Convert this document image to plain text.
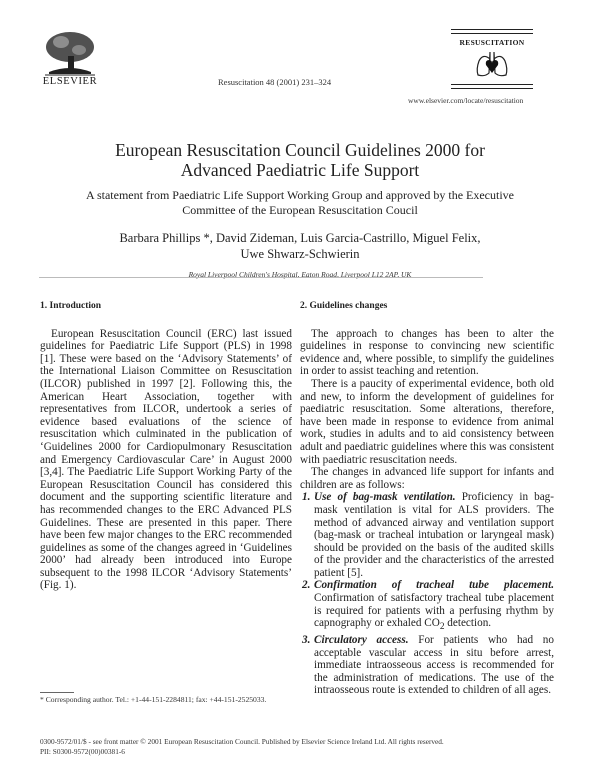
ELSEVIER	Resuscitation 48 (2001) 231–324
RESUSCITATION
www.elsevier.com/locate/resuscitation
European Resuscitation Council Guidelines 2000 for
Advanced Paediatric Life Support
A statement from Paediatric Life Support Working Group and approved by the Executive
Committee of the European Resuscitation Coucil
Barbara Phillips *, David Zideman, Luis Garcia-Castrillo, Miguel Felix,
Uwe Shwarz-Schwierin
Royal Liverpool Children's Hospital, Eaton Road, Liverpool L12 2AP, UK
1. Introduction

European Resuscitation Council (ERC) last issued guidelines for Paediatric Life Support (PLS) in 1998 [1]. These were based on the ‘Advisory Statements’ of the International Liaison Committee on Resuscitation (ILCOR) published in 1997 [2]. Following this, the American Heart Association, together with representatives from ILCOR, undertook a series of evidence based evaluations of the science of resuscitation which culminated in the publication of ‘Guidelines 2000 for Cardiopulmonary Resuscitation and Emergency Cardiovascular Care’ in August 2000 [3,4]. The Paediatric Life Support Working Party of the European Resuscitation Council has considered this document and the supporting scientific literature and has recommended changes to the ERC Advanced PLS Guidelines. These are presented in this paper. There have been few major changes to the ERC recommended guidelines as some of the changes agreed in ‘Guidelines 2000’ had already been introduced into Europe subsequent to the 1998 ILCOR ‘Advisory Statements’ (Fig. 1).

2. Guidelines changes

The approach to changes has been to alter the guidelines in response to convincing new scientific evidence and, where possible, to simplify the guidelines in order to assist teaching and retention.

There is a paucity of experimental evidence, both old and new, to inform the development of guidelines for paediatric resuscitation. Some alterations, therefore, have been made in response to evidence from animal work, studies in adults and to aid consistency between adult and paediatric guidelines where this was consistent with paediatric resuscitation needs.

The changes in advanced life support for infants and children are as follows:

1. Use of bag-mask ventilation. Proficiency in bag-mask ventilation is vital for ALS providers. The method of advanced airway and ventilation support (bag-mask or tracheal intubation or laryngeal mask) should be provided on the basis of the audited skills of the provider and the characteristics of the arrested patient [5].
2. Confirmation of tracheal tube placement. Confirmation of satisfactory tracheal tube placement is required for patients with a perfusing rhythm by capnography or exhaled $CO_2$ detection.
3. Circulatory access. For patients who had no acceptable vascular access in situ before arrest, immediate intraosseous access is recommended for the administration of medications. The use of the intraosseous route is extended to children of all ages.
* Corresponding author. Tel.: +1-44-151-2284811; fax: +44-151-2525033.
0300-9572/01/$ - see front matter © 2001 European Resuscitation Council. Published by Elsevier Science Ireland Ltd. All rights reserved.
PII: S0300-9572(00)00381-6
